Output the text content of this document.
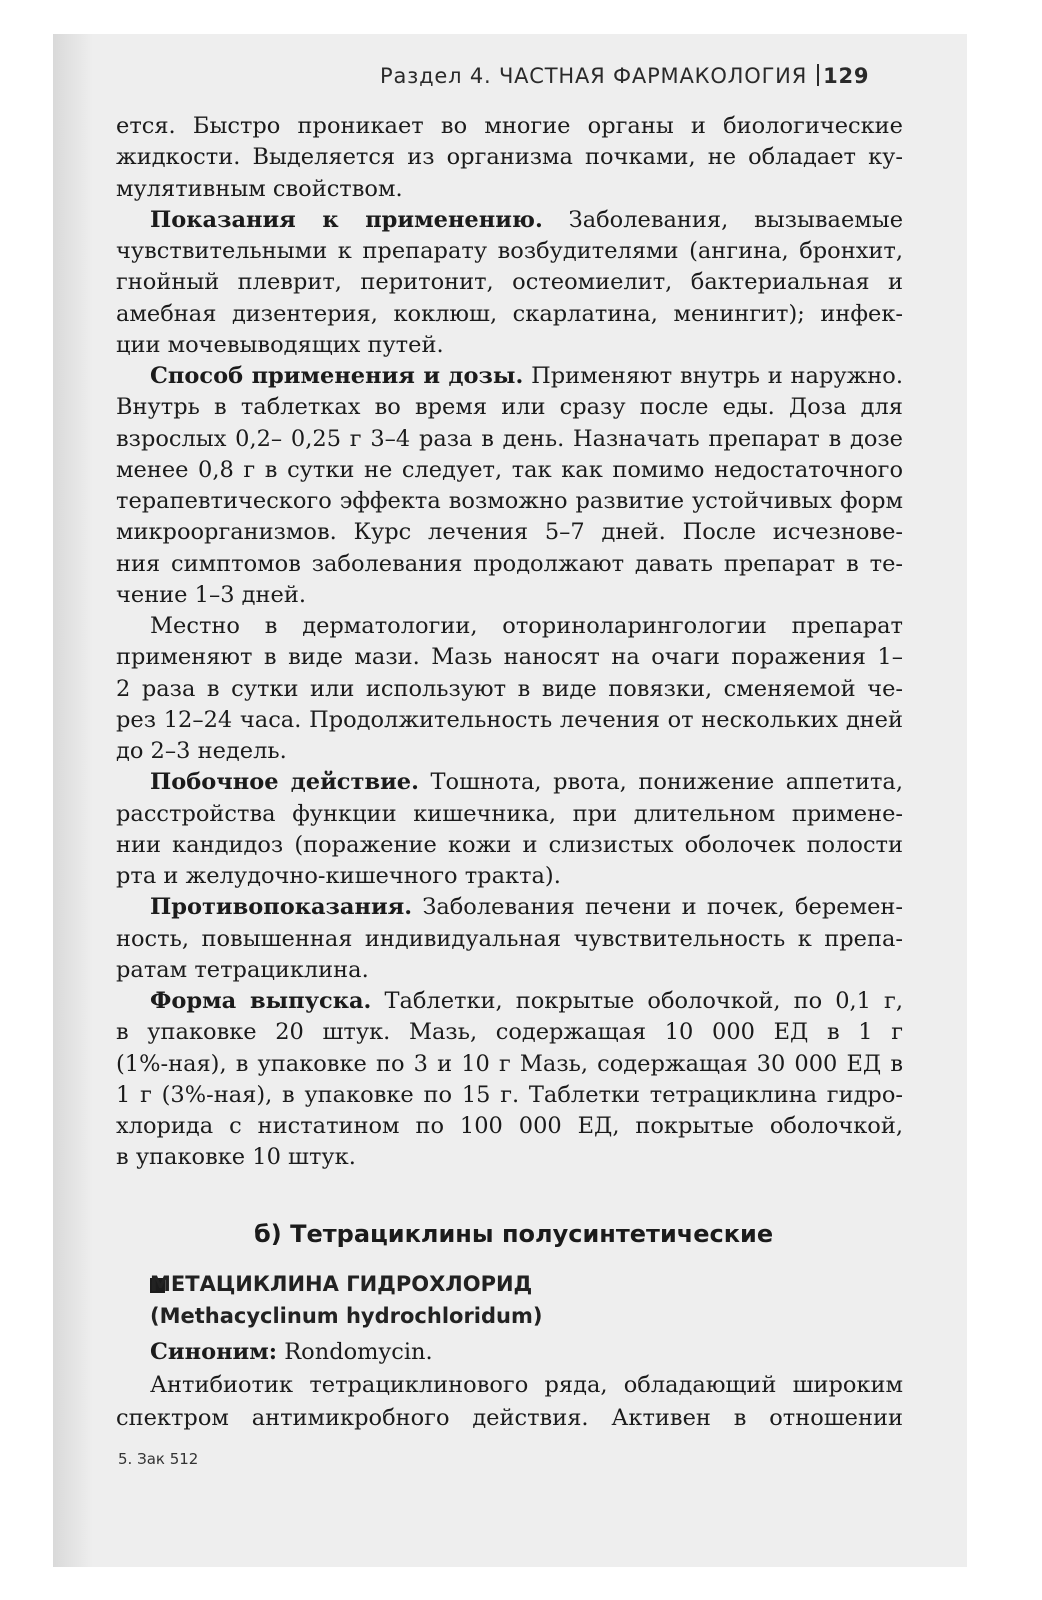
Раздел 4. ЧАСТНАЯ ФАРМАКОЛОГИЯ 129
ется. Быстро проникает во многие органы и биологические
жидкости. Выделяется из организма почками, не обладает ку-
мулятивным свойством.
Показания к применению. Заболевания, вызываемые
чувствительными к препарату возбудителями (ангина, бронхит,
гнойный плеврит, перитонит, остеомиелит, бактериальная и
амебная дизентерия, коклюш, скарлатина, менингит); инфек-
ции мочевыводящих путей.
Способ применения и дозы. Применяют внутрь и наружно.
Внутрь в таблетках во время или сразу после еды. Доза для
взрослых 0,2– 0,25 г 3–4 раза в день. Назначать препарат в дозе
менее 0,8 г в сутки не следует, так как помимо недостаточного
терапевтического эффекта возможно развитие устойчивых форм
микроорганизмов. Курс лечения 5–7 дней. После исчезнове-
ния симптомов заболевания продолжают давать препарат в те-
чение 1–3 дней.
Местно в дерматологии, оториноларингологии препарат
применяют в виде мази. Мазь наносят на очаги поражения 1–
2 раза в сутки или используют в виде повязки, сменяемой че-
рез 12–24 часа. Продолжительность лечения от нескольких дней
до 2–3 недель.
Побочное действие. Тошнота, рвота, понижение аппетита,
расстройства функции кишечника, при длительном примене-
нии кандидоз (поражение кожи и слизистых оболочек полости
рта и желудочно-кишечного тракта).
Противопоказания. Заболевания печени и почек, беремен-
ность, повышенная индивидуальная чувствительность к препа-
ратам тетрациклина.
Форма выпуска. Таблетки, покрытые оболочкой, по 0,1 г,
в упаковке 20 штук. Мазь, содержащая 10 000 ЕД в 1 г
(1%-ная), в упаковке по 3 и 10 г Мазь, содержащая 30 000 ЕД в
1 г (3%-ная), в упаковке по 15 г. Таблетки тетрациклина гидро-
хлорида с нистатином по 100 000 ЕД, покрытые оболочкой,
в упаковке 10 штук.
б) Тетрациклины полусинтетические
МЕТАЦИКЛИНА ГИДРОХЛОРИД
(Methacyclinum hydrochloridum)
Синоним: Rondomycin.
Антибиотик тетрациклинового ряда, обладающий широким
спектром антимикробного действия. Активен в отношении
5. Зак 512
